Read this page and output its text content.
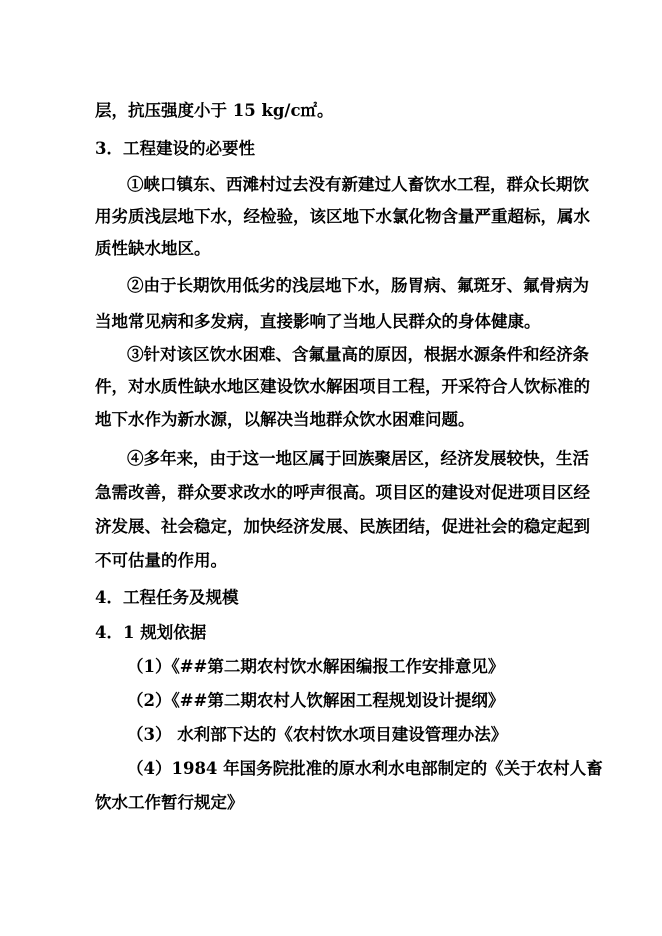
层，抗压强度小于 15 kg/c㎡。
3．工程建设的必要性
①峡口镇东、西滩村过去没有新建过人畜饮水工程，群众长期饮
用劣质浅层地下水，经检验，该区地下水氯化物含量严重超标，属水
质性缺水地区。
②由于长期饮用低劣的浅层地下水，肠胃病、氟斑牙、氟骨病为
当地常见病和多发病，直接影响了当地人民群众的身体健康。
③针对该区饮水困难、含氟量高的原因，根据水源条件和经济条
件，对水质性缺水地区建设饮水解困项目工程，开采符合人饮标准的
地下水作为新水源，以解决当地群众饮水困难问题。
④多年来，由于这一地区属于回族聚居区，经济发展较快，生活
急需改善，群众要求改水的呼声很高。项目区的建设对促进项目区经
济发展、社会稳定，加快经济发展、民族团结，促进社会的稳定起到
不可估量的作用。
4．工程任务及规模
4．1 规划依据
（1）《##第二期农村饮水解困编报工作安排意见》
（2）《##第二期农村人饮解困工程规划设计提纲》
（3） 水利部下达的《农村饮水项目建设管理办法》
（4）1984 年国务院批准的原水利水电部制定的《关于农村人畜
饮水工作暂行规定》
